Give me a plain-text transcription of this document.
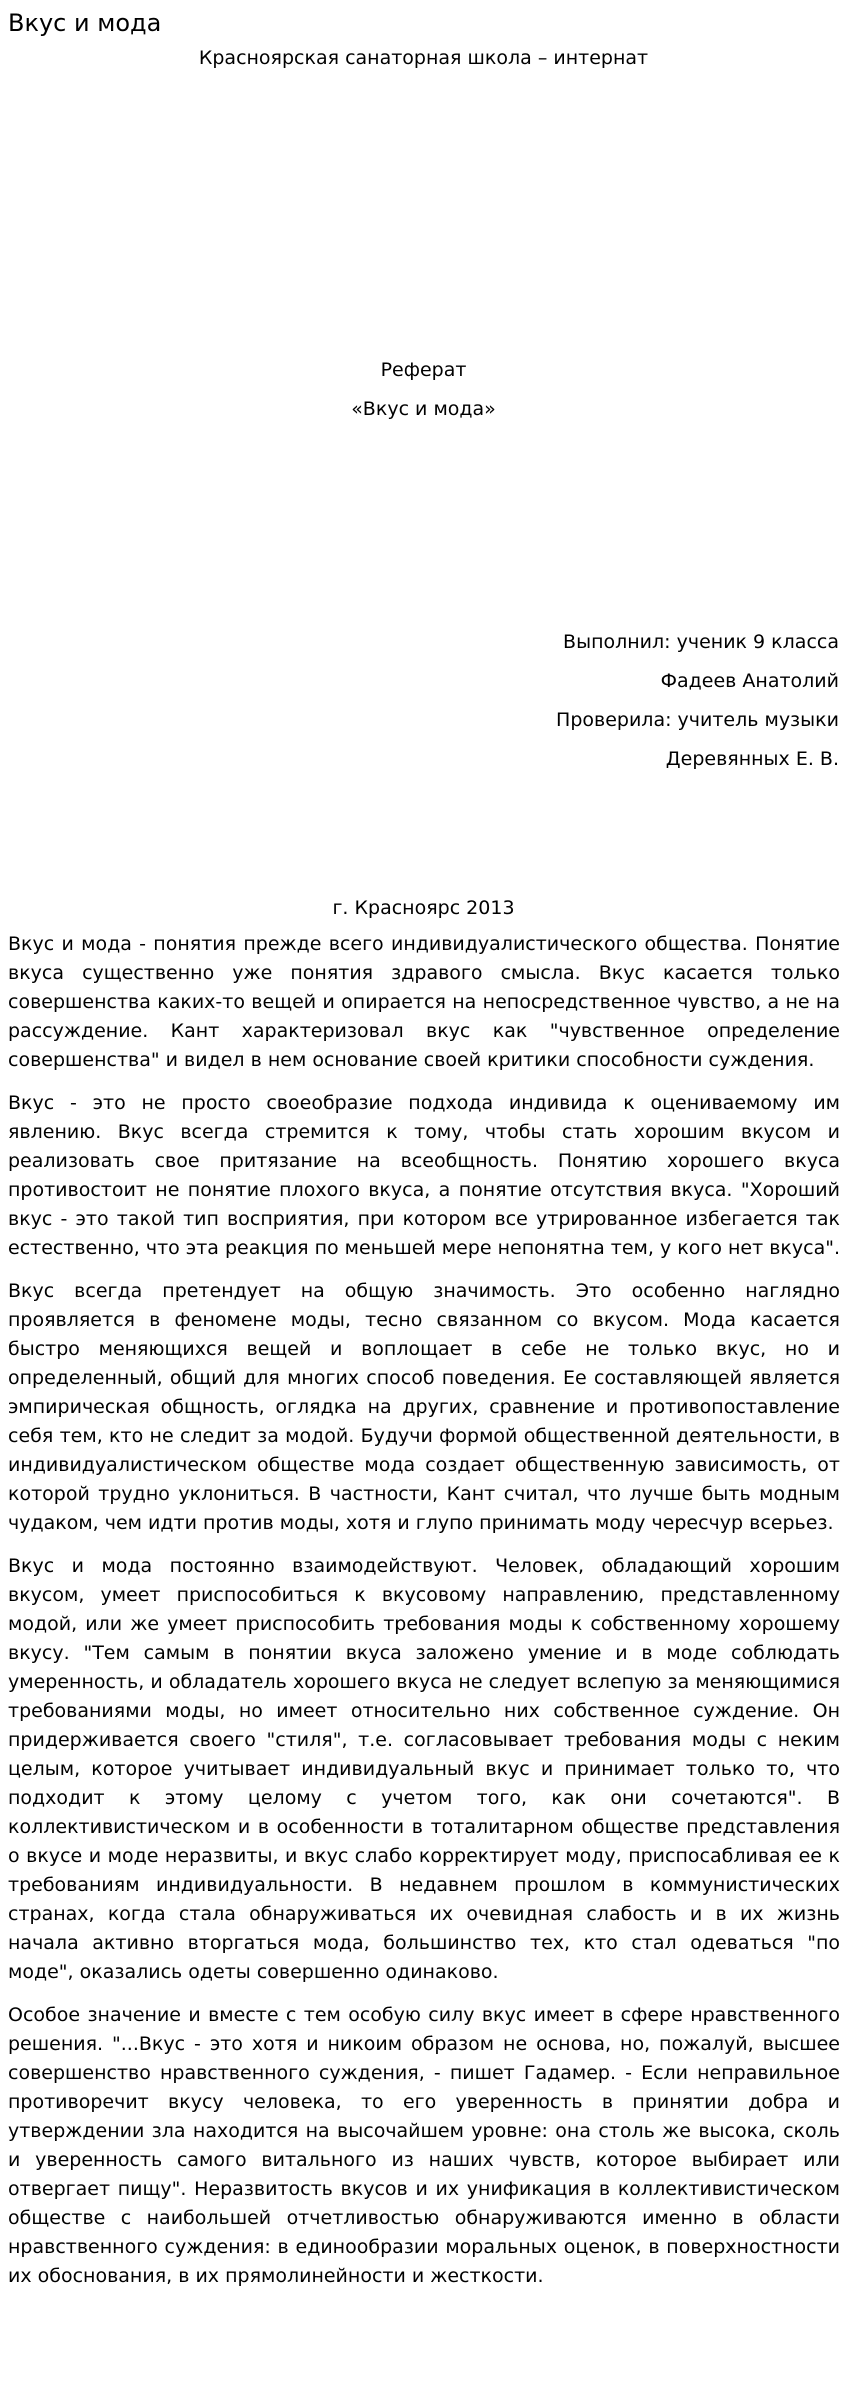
Вкус и мода

Красноярская санаторная школа – интернат

Реферат

«Вкус и мода»

Выполнил: ученик 9 класса

Фадеев Анатолий

Проверила: учитель музыки

Деревянных Е. В.

г. Краснояpс 2013

Вкус и мода - понятия прежде всего индивидуалистического общества. Понятие вкуса существенно уже понятия здравого смысла. Вкус касается только совершенства каких-то вещей и опирается на непосредственное чувство, а не на рассуждение. Кант характеризовал вкус как "чувственное определение совершенства" и видел в нем основание своей критики способности суждения.

Вкус - это не просто своеобразие подхода индивида к оцениваемому им явлению. Вкус всегда стремится к тому, чтобы стать хорошим вкусом и реализовать свое притязание на всеобщность. Понятию хорошего вкуса противостоит не понятие плохого вкуса, а понятие отсутствия вкуса. "Хороший вкус - это такой тип восприятия, при котором все утрированное избегается так естественно, что эта реакция по меньшей мере непонятна тем, у кого нет вкуса".

Вкус всегда претендует на общую значимость. Это особенно наглядно проявляется в феномене моды, тесно связанном со вкусом. Мода касается быстро меняющихся вещей и воплощает в себе не только вкус, но и определенный, общий для многих способ поведения. Ее составляющей является эмпирическая общность, оглядка на других, сравнение и противопоставление себя тем, кто не следит за модой. Будучи формой общественной деятельности, в индивидуалистическом обществе мода создает общественную зависимость, от которой трудно уклониться. В частности, Кант считал, что лучше быть модным чудаком, чем идти против моды, хотя и глупо принимать моду чересчур всерьез.

Вкус и мода постоянно взаимодействуют. Человек, обладающий хорошим вкусом, умеет приспособиться к вкусовому направлению, представленному модой, или же умеет приспособить требования моды к собственному хорошему вкусу. "Тем самым в понятии вкуса заложено умение и в моде соблюдать умеренность, и обладатель хорошего вкуса не следует вслепую за меняющимися требованиями моды, но имеет относительно них собственное суждение. Он придерживается своего "стиля", т.е. согласовывает требования моды с неким целым, которое учитывает индивидуальный вкус и принимает только то, что подходит к этому целому с учетом того, как они сочетаются". В коллективистическом и в особенности в тоталитарном обществе представления о вкусе и моде неразвиты, и вкус слабо корректирует моду, приспосабливая ее к требованиям индивидуальности. В недавнем прошлом в коммунистических странах, когда стала обнаруживаться их очевидная слабость и в их жизнь начала активно вторгаться мода, большинство тех, кто стал одеваться "по моде", оказались одеты совершенно одинаково.

Особое значение и вместе с тем особую силу вкус имеет в сфере нравственного решения. "...Вкус - это хотя и никоим образом не основа, но, пожалуй, высшее совершенство нравственного суждения, - пишет Гадамер. - Если неправильное противоречит вкусу человека, то его уверенность в принятии добра и утверждении зла находится на высочайшем уровне: она столь же высока, сколь и уверенность самого витального из наших чувств, которое выбирает или отвергает пищу". Неразвитость вкусов и их унификация в коллективистическом обществе с наибольшей отчетливостью обнаруживаются именно в области нравственного суждения: в единообразии моральных оценок, в поверхностности их обоснования, в их прямолинейности и жесткости.
